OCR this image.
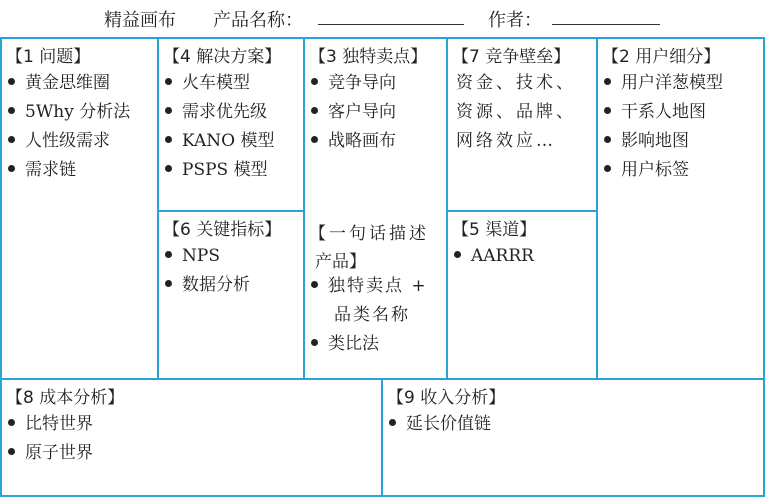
精益画布 产品名称：	作者：
【1 问题】
黄金思维圈
5Why 分析法
人性级需求
需求链
【4 解决方案】
火车模型
需求优先级
KANO 模型
PSPS 模型
【6 关键指标】
NPS
数据分析
【3 独特卖点】
竞争导向
客户导向
战略画布
【一句话描述
产品】
独特卖点 +
品类名称
类比法
【7 竞争壁垒】
资金、技术、资源、品牌、网络效应…
【5 渠道】
AARRR
【2 用户细分】
用户洋葱模型
干系人地图
影响地图
用户标签
【8 成本分析】
比特世界
原子世界
【9 收入分析】
延长价值链
